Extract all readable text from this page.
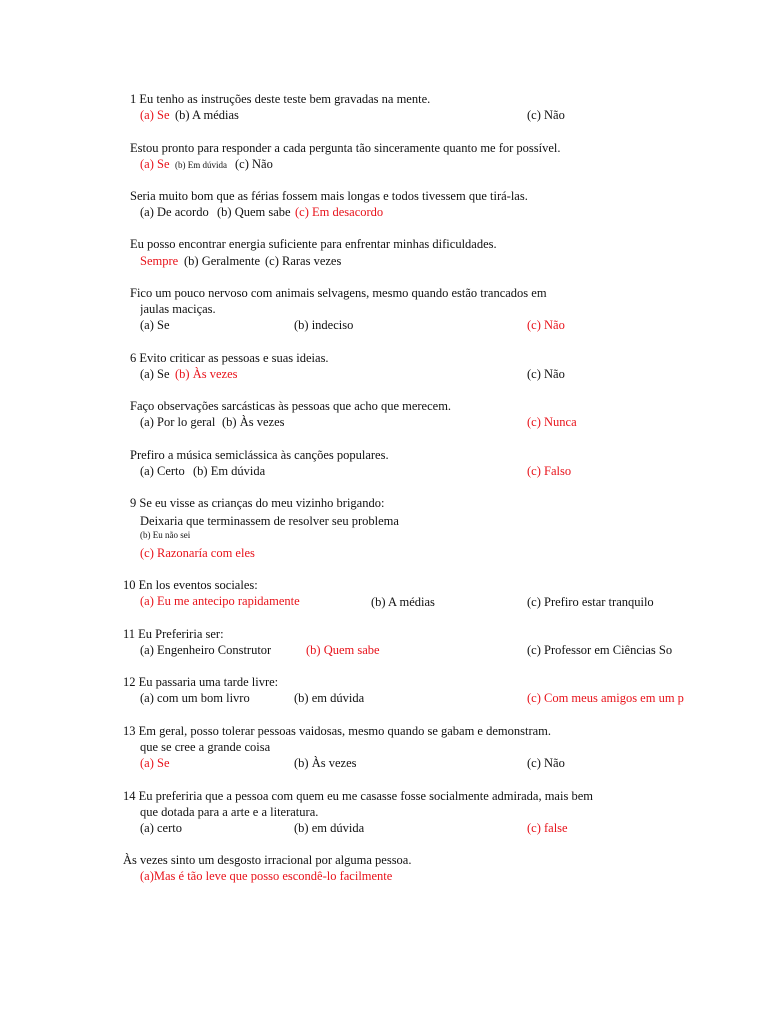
1 Eu tenho as instruções deste teste bem gravadas na mente.
(a) Se (b) A médias	(c) Não
Estou pronto para responder a cada pergunta tão sinceramente quanto me for possível.
(a) Se (b) Em dúvida (c) Não
Seria muito bom que as férias fossem mais longas e todos tivessem que tirá-las.
(a) De acordo (b) Quem sabe (c) Em desacordo
Eu posso encontrar energia suficiente para enfrentar minhas dificuldades.
Sempre (b) Geralmente (c) Raras vezes
Fico um pouco nervoso com animais selvagens, mesmo quando estão trancados em
jaulas maciças.
(a) Se	(b) indeciso	(c) Não
6 Evito criticar as pessoas e suas ideias.
(a) Se (b) Às vezes	(c) Não
Faço observações sarcásticas às pessoas que acho que merecem.
(a) Por lo geral (b) Às vezes	(c) Nunca
Prefiro a música semiclássica às canções populares.
(a) Certo (b) Em dúvida	(c) Falso
9 Se eu visse as crianças do meu vizinho brigando:
Deixaria que terminassem de resolver seu problema
(b) Eu não sei
(c) Razonaría com eles
10 En los eventos sociales:
(a) Eu me antecipo rapidamente	(b) A médias	(c) Prefiro estar tranquilo
11 Eu Preferiria ser:
(a) Engenheiro Construtor	(b) Quem sabe	(c) Professor em Ciências So
12 Eu passaria uma tarde livre:
(a) com um bom livro	(b) em dúvida	(c) Com meus amigos em um p
13 Em geral, posso tolerar pessoas vaidosas, mesmo quando se gabam e demonstram.
que se cree a grande coisa
(a) Se	(b) Às vezes	(c) Não
14 Eu preferiria que a pessoa com quem eu me casasse fosse socialmente admirada, mais bem
que dotada para a arte e a literatura.
(a) certo	(b) em dúvida	(c) false
Às vezes sinto um desgosto irracional por alguma pessoa.
(a)Mas é tão leve que posso escondê-lo facilmente
